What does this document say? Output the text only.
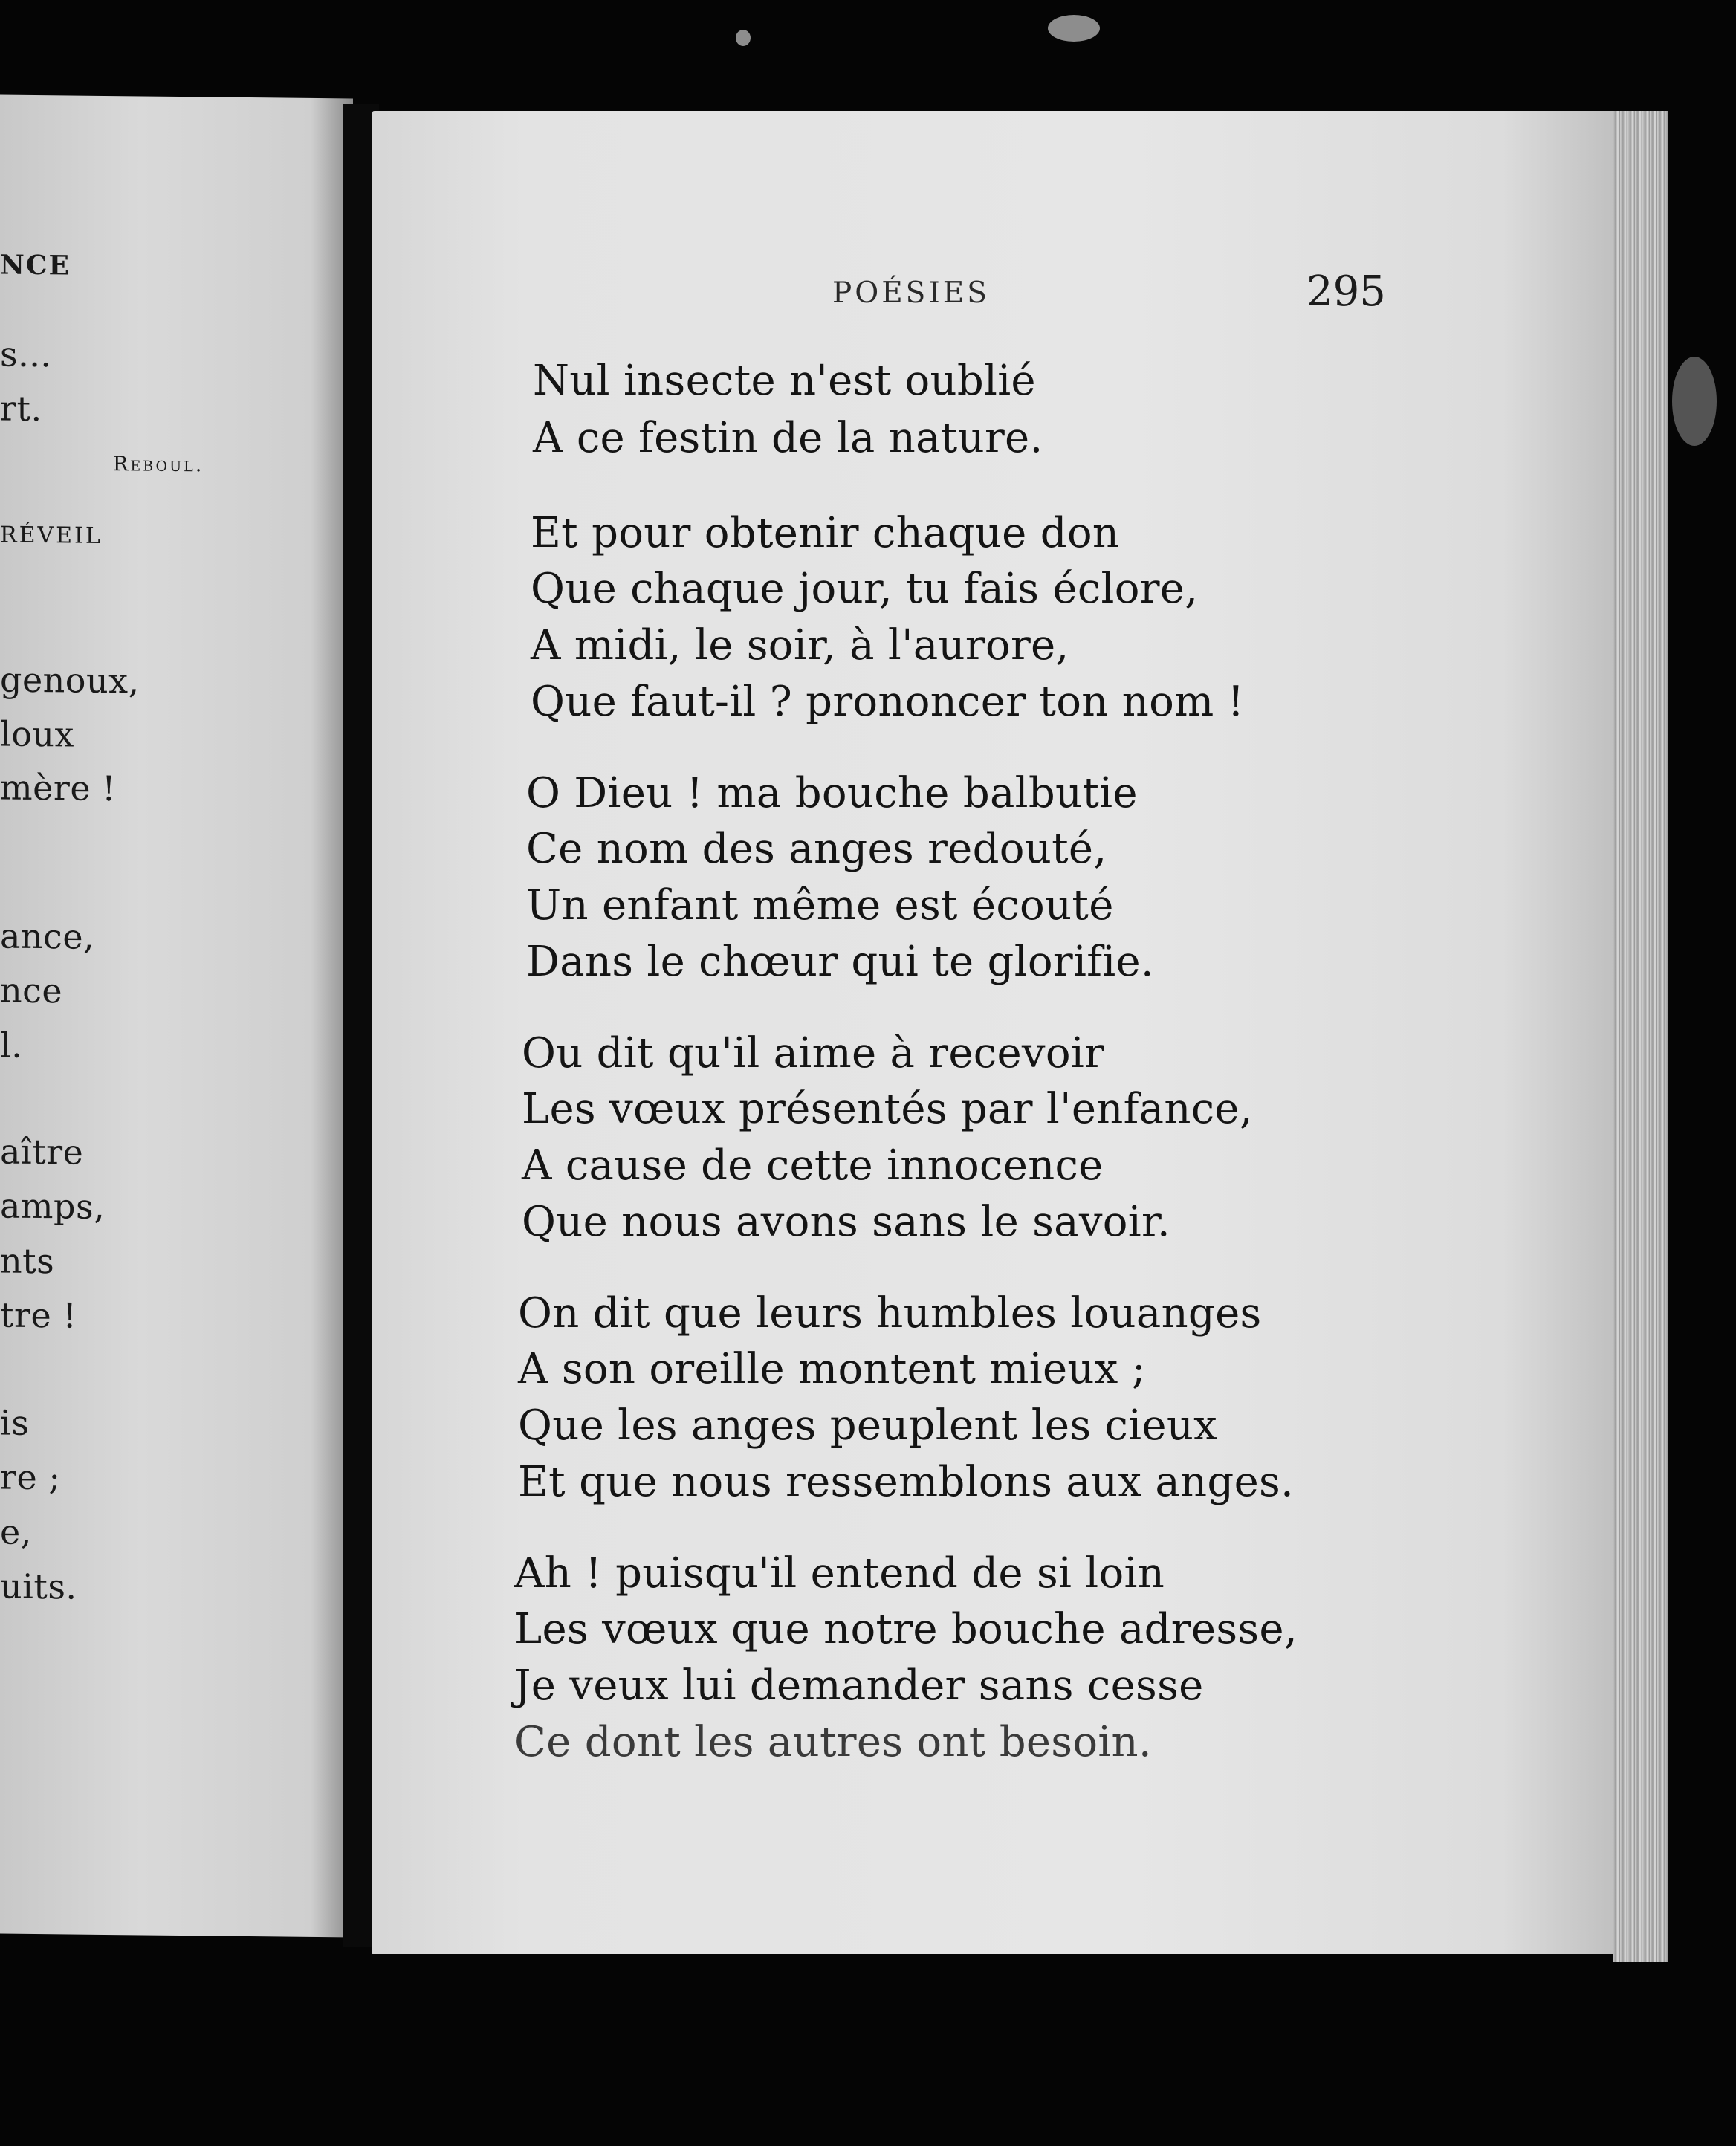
NCE
s...
rt.
Reboul.
RÉVEIL
genoux,
loux
mère !
ance,
nce
l.
aître
amps,
nts
tre !
is
re ;
e,
uits.
POÉSIES	295
Nul insecte n'est oublié
A ce festin de la nature.
Et pour obtenir chaque don
Que chaque jour, tu fais éclore,
A midi, le soir, à l'aurore,
Que faut-il ? prononcer ton nom !
O Dieu ! ma bouche balbutie
Ce nom des anges redouté,
Un enfant même est écouté
Dans le chœur qui te glorifie.
Ou dit qu'il aime à recevoir
Les vœux présentés par l'enfance,
A cause de cette innocence
Que nous avons sans le savoir.
On dit que leurs humbles louanges
A son oreille montent mieux ;
Que les anges peuplent les cieux
Et que nous ressemblons aux anges.
Ah ! puisqu'il entend de si loin
Les vœux que notre bouche adresse,
Je veux lui demander sans cesse
Ce dont les autres ont besoin.
